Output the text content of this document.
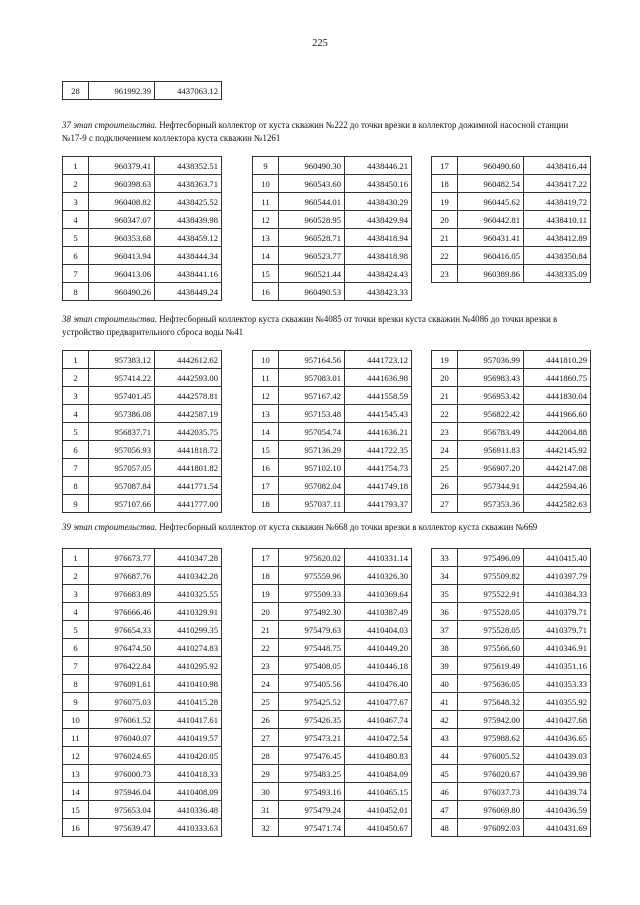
225
28	961992.39	4437063.12
37 этап строительства. Нефтесборный коллектор от куста скважин №222 до точки врезки в коллектор дожимной насосной станции №17-9 с подключением коллектора куста скважин №1261
1	960379.41	4438352.51
2	960398.63	4438363.71
3	960408.82	4438425.52
4	960347.07	4438439.98
5	960353.68	4438459.12
6	960413.94	4438444.34
7	960413.06	4438441.16
8	960490.26	4438449.24
9	960490.30	4438446.21
10	960543.60	4438450.16
11	960544.01	4438430.29
12	960528.95	4438429.94
13	960528.71	4438418.94
14	960523.77	4438418.98
15	960521.44	4438424.43
16	960490.53	4438423.33
17	960490.60	4438416.44
18	960482.54	4438417.22
19	960445.62	4438419.72
20	960442.81	4438410.11
21	960431.41	4438412.89
22	960416.05	4438350.84
23	960389.86	4438335.09
38 этап строительства. Нефтесборный коллектор куста скважин №4085 от точки врезки куста скважин №4086 до точки врезки в устройство предварительного сброса воды №41
1	957383.12	4442612.62
2	957414.22	4442593.00
3	957401.45	4442578.81
4	957386.08	4442587.19
5	956837.71	4442035.75
6	957056.93	4441818.72
7	957057.05	4441801.82
8	957087.84	4441771.54
9	957107.66	4441777.00
10	957164.56	4441723.12
11	957083.01	4441636.98
12	957167.42	4441558.59
13	957153.48	4441545.43
14	957054.74	4441636.21
15	957136.29	4441722.35
16	957102.10	4441754.73
17	957082.04	4441749.18
18	957037.11	4441793.37
19	957036.99	4441810.29
20	956983.43	4441860.75
21	956953.42	4441830.04
22	956822.42	4441966.60
23	956783.49	4442004.88
24	956911.83	4442145.92
25	956907.20	4442147.08
26	957344.91	4442594.46
27	957353.36	4442582.63
39 этап строительства. Нефтесборный коллектор от куста скважин №668 до точки врезки в коллектор куста скважин №669
1	976673.77	4410347.28
2	976687.76	4410342.28
3	976683.89	4410325.55
4	976666.46	4410329.91
5	976654.33	4410299.35
6	976474.50	4410274.83
7	976422.84	4410295.92
8	976091.61	4410410.98
9	976075.03	4410415.28
10	976061.52	4410417.61
11	976040.07	4410419.57
12	976024.65	4410420.05
13	976000.73	4410418.33
14	975946.04	4410408.09
15	975653.04	4410336.48
16	975639.47	4410333.63
17	975620.02	4410331.14
18	975559.96	4410326.30
19	975509.33	4410369.64
20	975492.30	4410387.49
21	975479.63	4410404.03
22	975448.75	4410449.20
23	975408.05	4410446.18
24	975405.56	4410476.40
25	975425.52	4410477.67
26	975426.35	4410467.74
27	975473.21	4410472.54
28	975476.45	4410480.83
29	975483.25	4410484.09
30	975493.16	4410465.15
31	975479.24	4410452.01
32	975471.74	4410450.67
33	975496.09	4410415.40
34	975509.82	4410397.79
35	975522.91	4410384.33
36	975528.05	4410379.71
37	975528.05	4410379.71
38	975566.60	4410346.91
39	975619.49	4410351.16
40	975636.05	4410353.33
41	975648.32	4410355.92
42	975942.00	4410427.68
43	975988.62	4410436.65
44	976005.52	4410439.03
45	976020.67	4410439.98
46	976037.73	4410439.74
47	976069.80	4410436.59
48	976092.03	4410431.69
